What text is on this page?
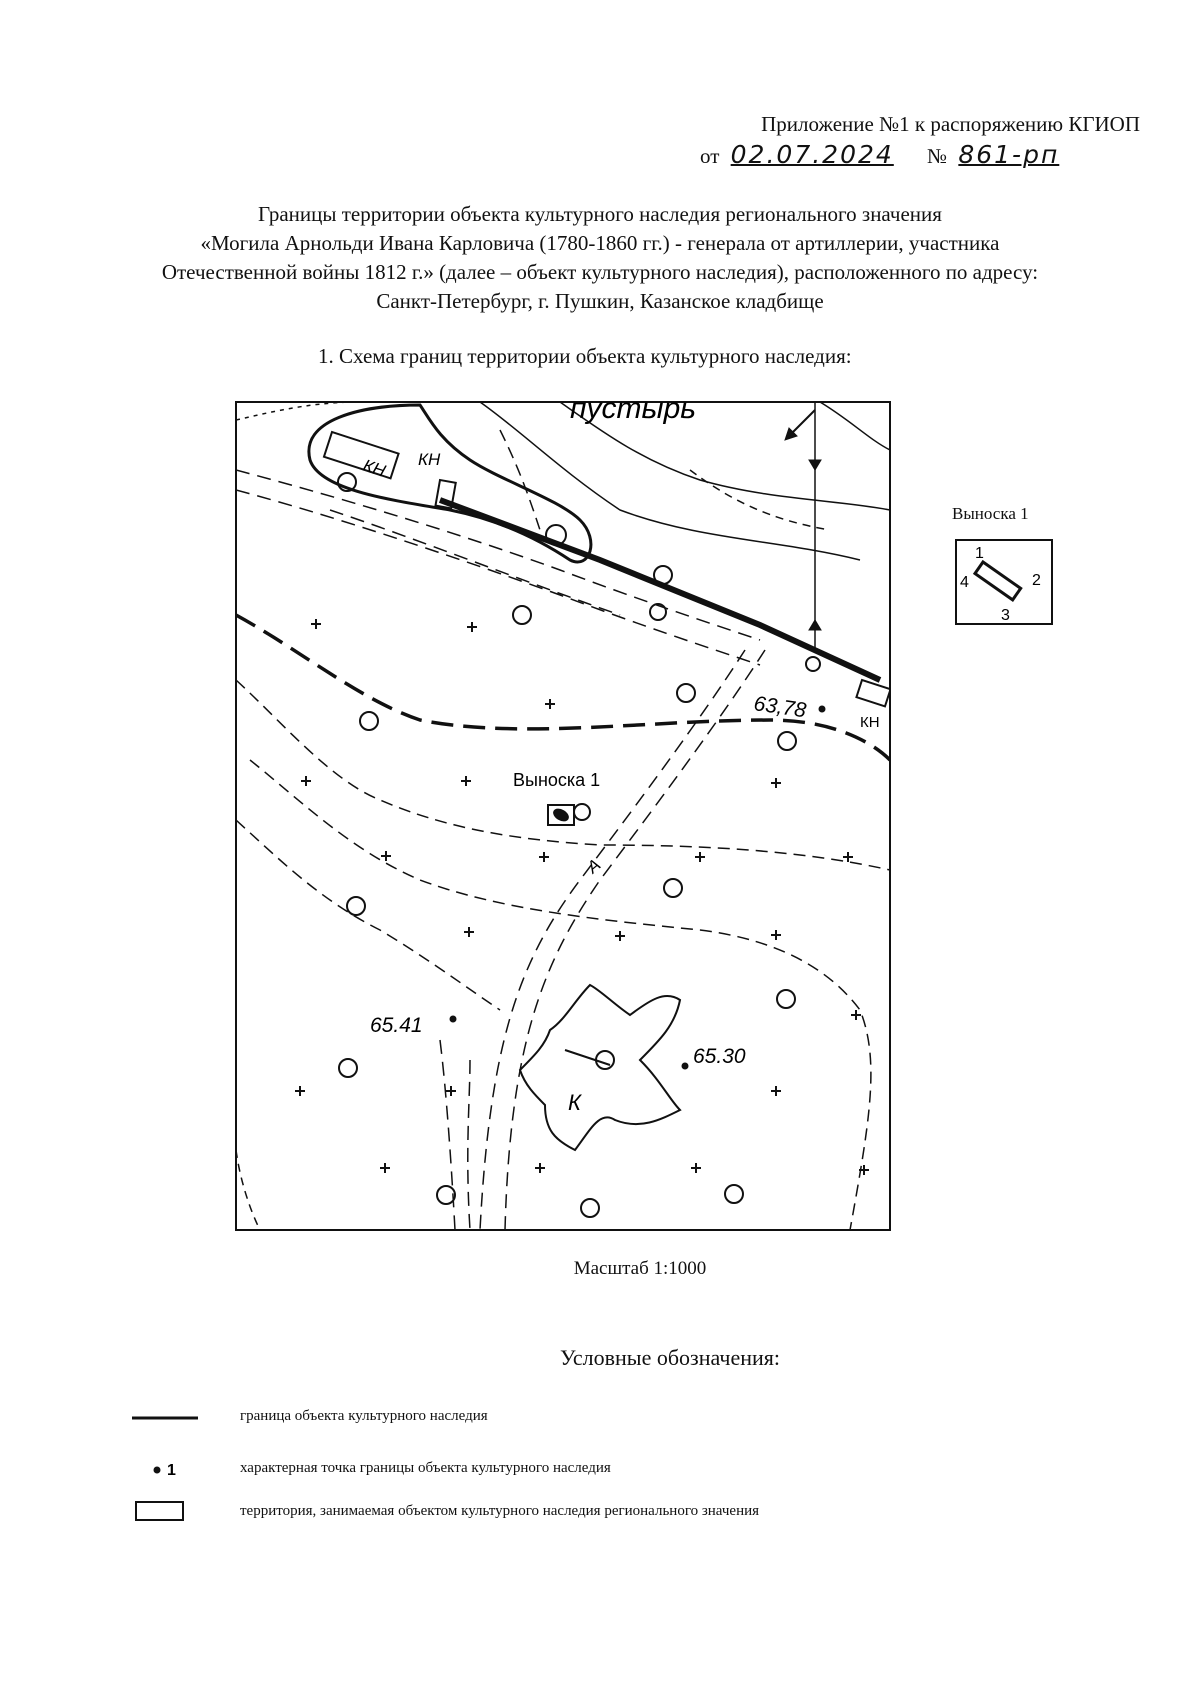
Приложение №1 к распоряжению КГИОП
от 02.07.2024 № 861-рп
Границы территории объекта культурного наследия регионального значения
«Могила Арнольди Ивана Карловича (1780-1860 гг.) - генерала от артиллерии, участника
Отечественной войны 1812 г.» (далее – объект культурного наследия), расположенного по адресу:
Санкт-Петербург, г. Пушкин, Казанское кладбище
1. Схема границ территории объекта культурного наследия:
пустырь
КН КН
КН
63,78
65.41
65.30
К
А
Выноска 1
1
2
3
4
1
Выноска 1
Масштаб 1:1000
Условные обозначения:
граница объекта культурного наследия
характерная точка границы объекта культурного наследия
территория, занимаемая объектом культурного наследия регионального значения
